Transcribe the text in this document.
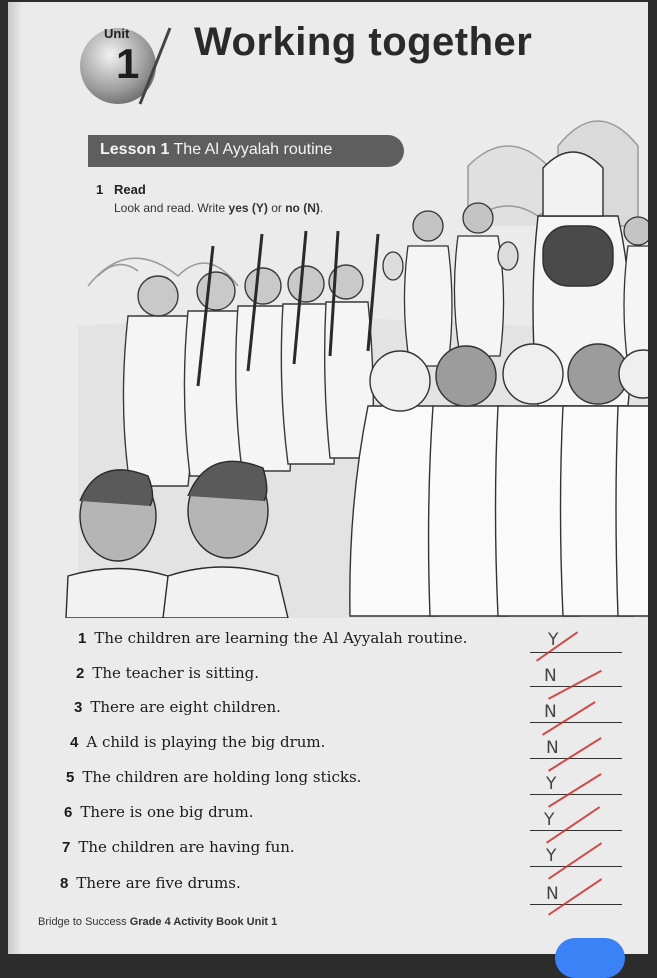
Unit
1 Working together
Lesson 1 The Al Ayyalah routine
1 Read
Look and read. Write yes (Y) or no (N).
1 The children are learning the Al Ayyalah routine.
2 The teacher is sitting.
3 There are eight children.
4 A child is playing the big drum.
5 The children are holding long sticks.
6 There is one big drum.
7 The children are having fun.
8 There are five drums.
Y
N
N
N
Y
Y
Y
N
Bridge to Success Grade 4 Activity Book Unit 1
